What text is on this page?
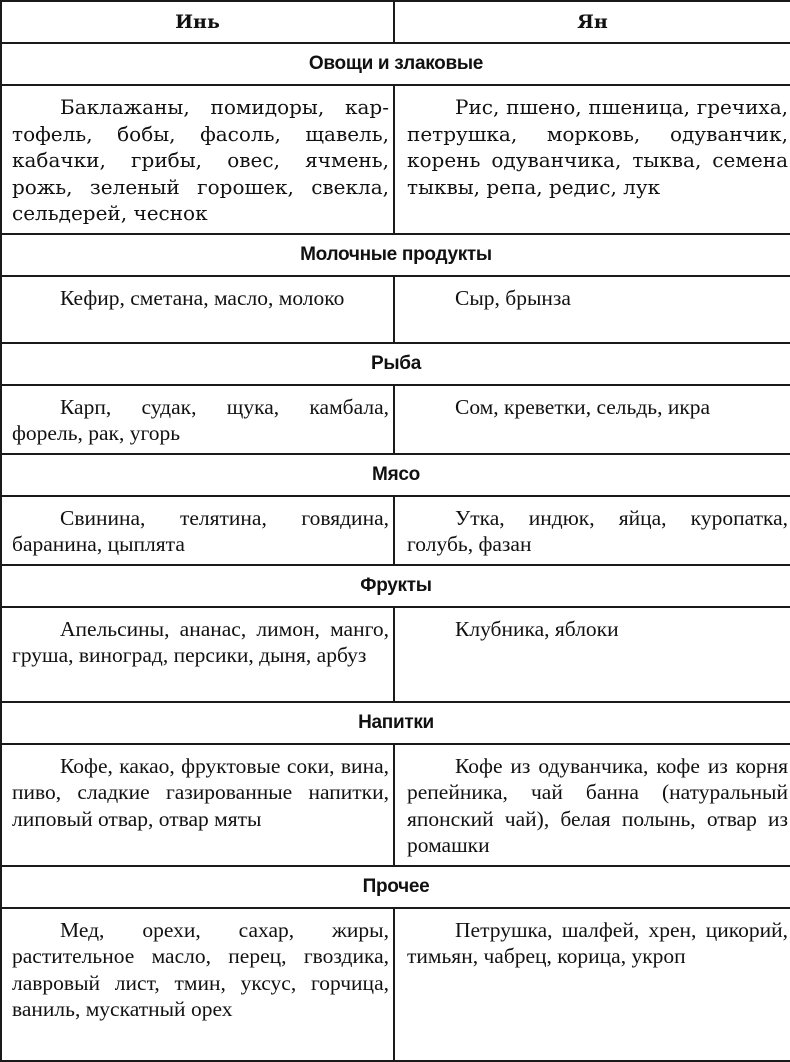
Инь	Ян
Овощи и злаковые	
Баклажаны, помидоры, картофель, бобы, фасоль, щавель, кабачки, грибы, овес, ячмень, рожь, зеленый горошек, свекла, сельдерей, чеснок	Рис, пшено, пшеница, гречиха, петрушка, морковь, одуванчик, корень одуванчика, тыква, семена тыквы, репа, редис, лук
Молочные продукты	
Кефир, сметана, масло, молоко	Сыр, брынза
Рыба	
Карп, судак, щука, камбала, форель, рак, угорь	Сом, креветки, сельдь, икра
Мясо	
Свинина, телятина, говядина, баранина, цыплята	Утка, индюк, яйца, куропатка, голубь, фазан
Фрукты	
Апельсины, ананас, лимон, манго, груша, виноград, персики, дыня, арбуз	Клубника, яблоки
Напитки	
Кофе, какао, фруктовые соки, вина, пиво, сладкие газированные напитки, липовый отвар, отвар мяты	Кофе из одуванчика, кофе из корня репейника, чай банна (натуральный японский чай), белая полынь, отвар из ромашки
Прочее	
Мед, орехи, сахар, жиры, растительное масло, перец, гвоздика, лавровый лист, тмин, уксус, горчица, ваниль, мускатный орех	Петрушка, шалфей, хрен, цикорий, тимьян, чабрец, корица, укроп
